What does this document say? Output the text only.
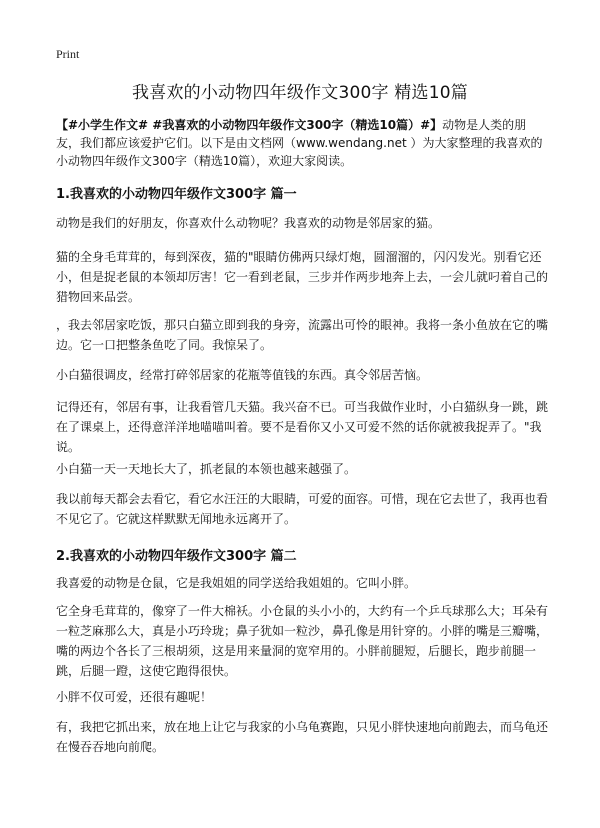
Print
我喜欢的小动物四年级作文300字 精选10篇

【#小学生作文# #我喜欢的小动物四年级作文300字（精选10篇）#】动物是人类的朋友，我们都应该爱护它们。以下是由文档网（www.wendang.net ）为大家整理的我喜欢的小动物四年级作文300字（精选10篇），欢迎大家阅读。

1.我喜欢的小动物四年级作文300字 篇一

动物是我们的好朋友，你喜欢什么动物呢？我喜欢的动物是邻居家的猫。

猫的全身毛茸茸的，每到深夜，猫的"眼睛仿佛两只绿灯炮，圆溜溜的，闪闪发光。别看它还小，但是捉老鼠的本领却厉害！它一看到老鼠，三步并作两步地奔上去，一会儿就叼着自己的猎物回来品尝。

，我去邻居家吃饭，那只白猫立即到我的身旁，流露出可怜的眼神。我将一条小鱼放在它的嘴边。它一口把整条鱼吃了同。我惊呆了。

小白猫很调皮，经常打碎邻居家的花瓶等值钱的东西。真令邻居苦恼。

记得还有，邻居有事，让我看管几天猫。我兴奋不已。可当我做作业时，小白猫纵身一跳，跳在了课桌上，还得意洋洋地喵喵叫着。要不是看你又小又可爱不然的话你就被我捉弄了。"我说。

小白猫一天一天地长大了，抓老鼠的本领也越来越强了。

我以前每天都会去看它，看它水汪汪的大眼睛，可爱的面容。可惜，现在它去世了，我再也看不见它了。它就这样默默无闻地永远离开了。

2.我喜欢的小动物四年级作文300字 篇二

我喜爱的动物是仓鼠，它是我姐姐的同学送给我姐姐的。它叫小胖。

它全身毛茸茸的，像穿了一件大棉袄。小仓鼠的头小小的，大约有一个乒乓球那么大；耳朵有一粒芝麻那么大，真是小巧玲珑；鼻子犹如一粒沙，鼻孔像是用针穿的。小胖的嘴是三瓣嘴，嘴的两边个各长了三根胡须，这是用来量洞的宽窄用的。小胖前腿短，后腿长，跑步前腿一跳，后腿一蹬，这使它跑得很快。

小胖不仅可爱，还很有趣呢！

有，我把它抓出来，放在地上让它与我家的小乌龟赛跑，只见小胖快速地向前跑去，而乌龟还在慢吞吞地向前爬。
